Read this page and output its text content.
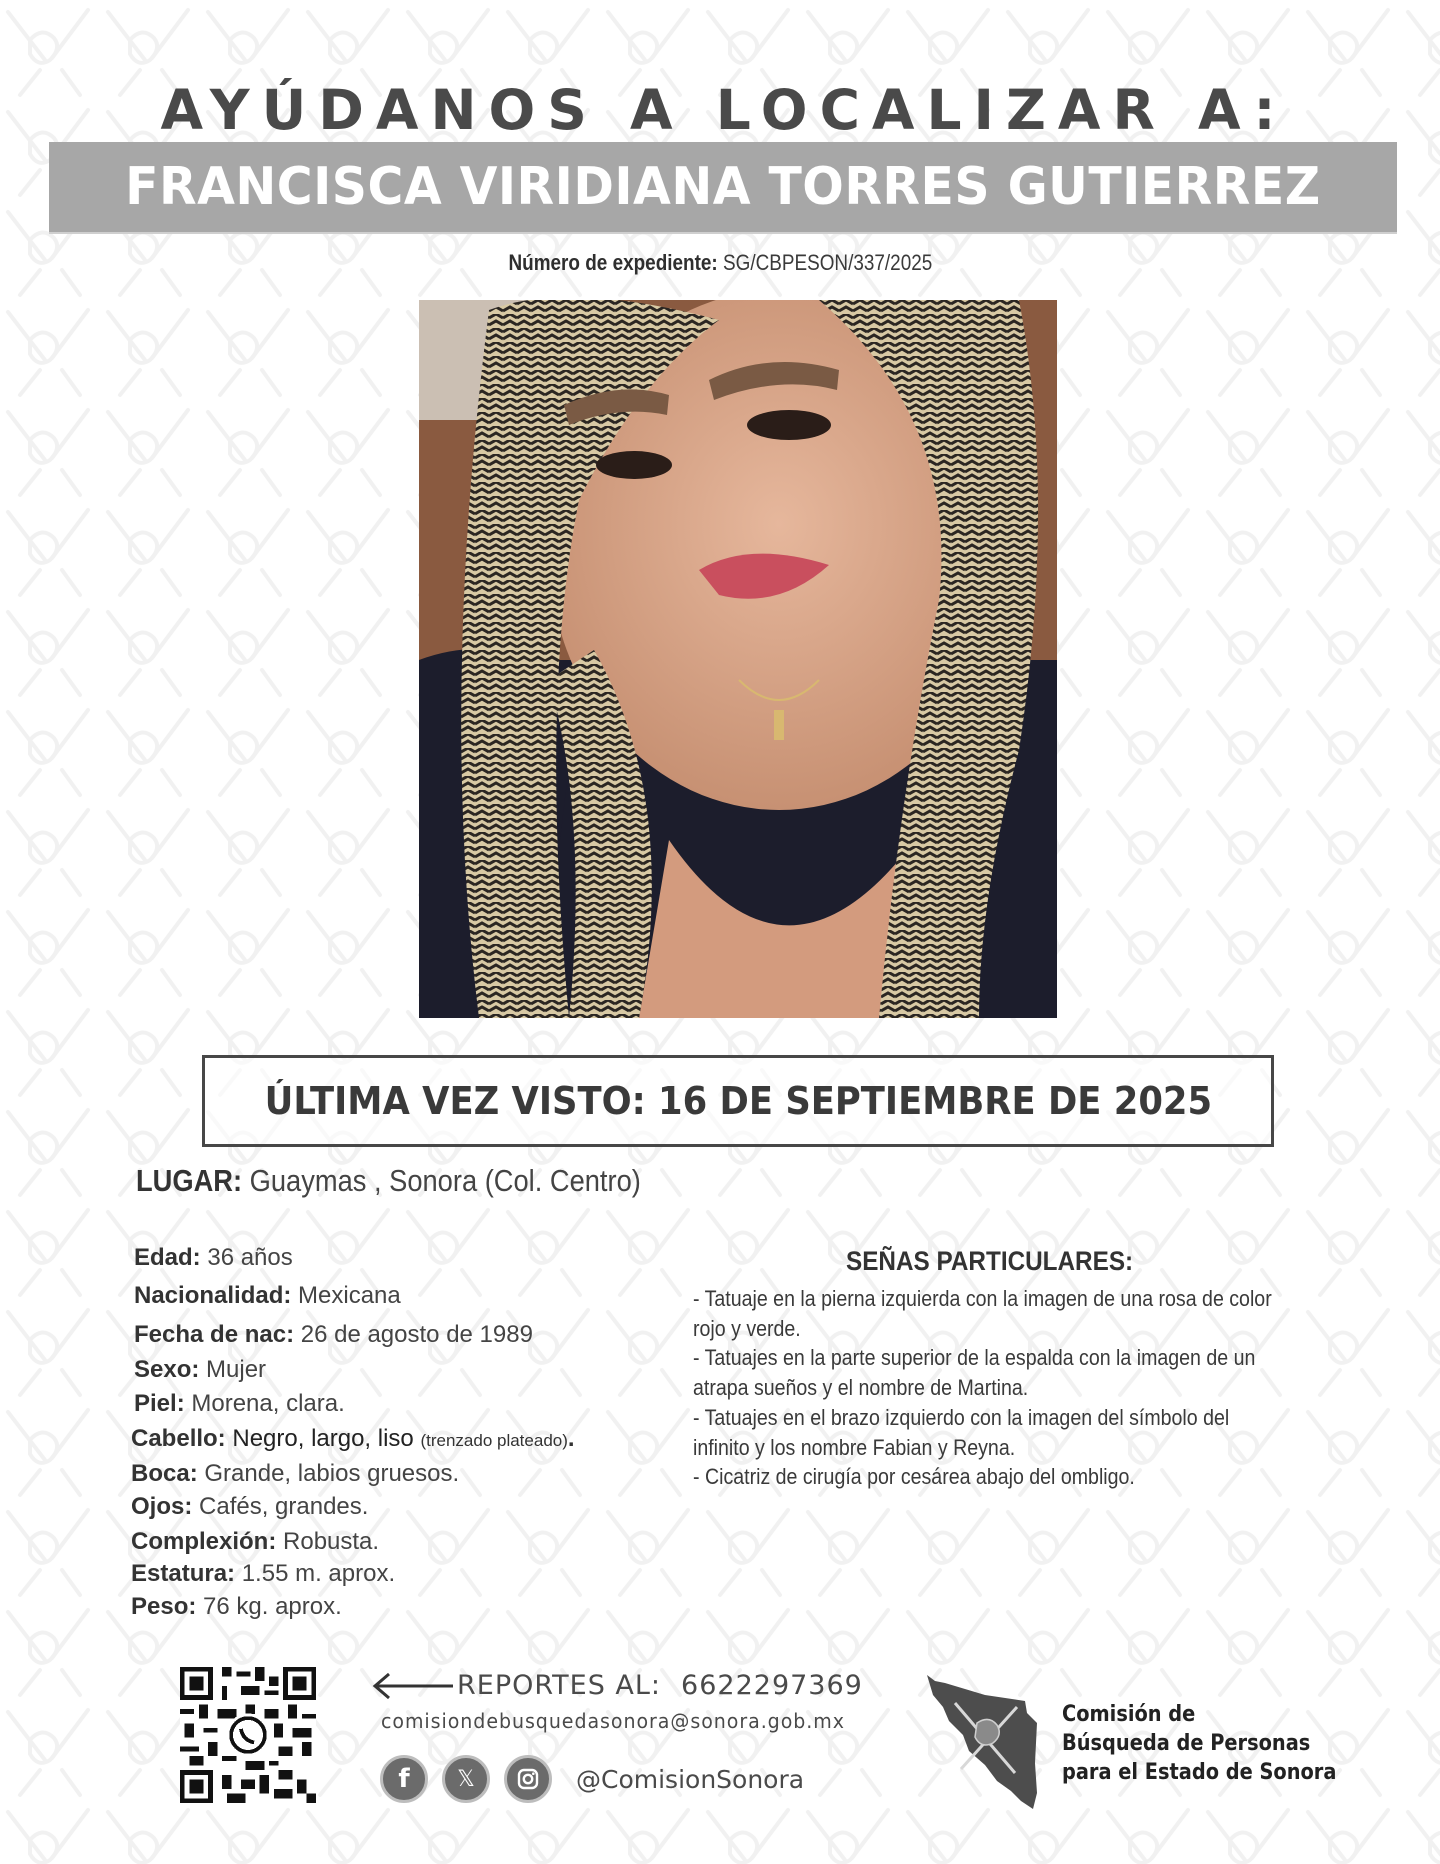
AYÚDANOS A LOCALIZAR A:
FRANCISCA VIRIDIANA TORRES GUTIERREZ
Número de expediente: SG/CBPESON/337/2025
ÚLTIMA VEZ VISTO: 16 DE SEPTIEMBRE DE 2025
LUGAR: Guaymas , Sonora (Col. Centro)
Edad: 36 años
Nacionalidad: Mexicana
Fecha de nac: 26 de agosto de 1989
Sexo: Mujer
Piel: Morena, clara.
Cabello: Negro, largo, liso (trenzado plateado).
Boca: Grande, labios gruesos.
Ojos: Cafés, grandes.
Complexión: Robusta.
Estatura: 1.55 m. aprox.
Peso: 76 kg. aprox.
SEÑAS PARTICULARES:
- Tatuaje en la pierna izquierda con la imagen de una rosa de color
rojo y verde.
- Tatuajes en la parte superior de la espalda con la imagen de un
atrapa sueños y el nombre de Martina.
- Tatuajes en el brazo izquierdo con la imagen del símbolo del
infinito y los nombre Fabian y Reyna.
- Cicatriz de cirugía por cesárea abajo del ombligo.
REPORTES AL: 6622297369
comisiondebusquedasonora@sonora.gob.mx
f	𝕏	@ComisionSonora
Comisión de
Búsqueda de Personas
para el Estado de Sonora
